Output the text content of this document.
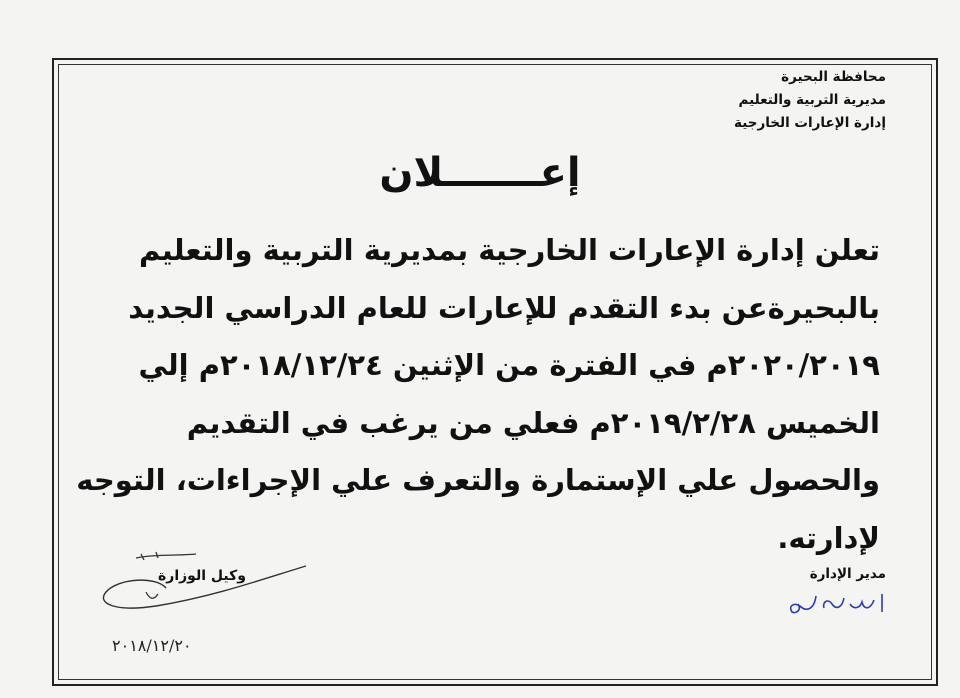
محافظة البحيرة
مديرية التربية والتعليم
إدارة الإعارات الخارجية
إعـــــــلان
تعلن إدارة الإعارات الخارجية بمديرية التربية والتعليم
بالبحيرةعن بدء التقدم للإعارات للعام الدراسي الجديد
٢٠٢٠/٢٠١٩م في الفترة من الإثنين ٢٠١٨/١٢/٢٤م إلي
الخميس ٢٠١٩/٢/٢٨م فعلي من يرغب في التقديم
والحصول علي الإستمارة والتعرف علي الإجراءات، التوجه
لإدارته.
وكيل الوزارة
٢٠١٨/١٢/٢٠
مدير الإدارة
